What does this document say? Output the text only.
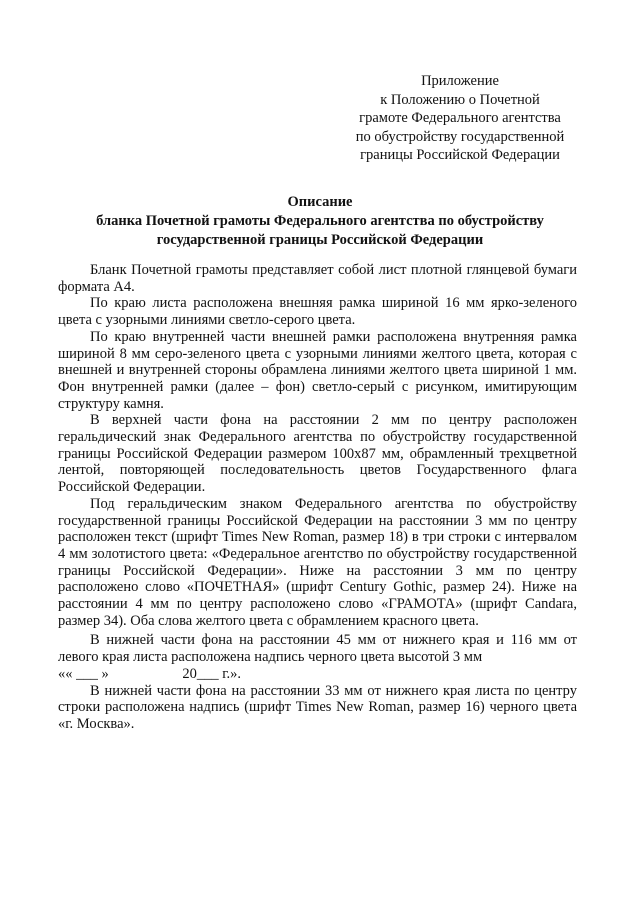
Приложение
к Положению о Почетной
грамоте Федерального агентства
по обустройству государственной
границы Российской Федерации
Описание
бланка Почетной грамоты Федерального агентства по обустройству
государственной границы Российской Федерации

Бланк Почетной грамоты представляет собой лист плотной глянцевой бумаги формата А4.

По краю листа расположена внешняя рамка шириной 16 мм ярко-зеленого цвета с узорными линиями светло-серого цвета.

По краю внутренней части внешней рамки расположена внутренняя рамка шириной 8 мм серо-зеленого цвета с узорными линиями желтого цвета, которая с внешней и внутренней стороны обрамлена линиями желтого цвета шириной 1 мм. Фон внутренней рамки (далее – фон) светло-серый с рисунком, имитирующим структуру камня.

В верхней части фона на расстоянии 2 мм по центру расположен геральдический знак Федерального агентства по обустройству государственной границы Российской Федерации размером 100x87 мм, обрамленный трехцветной лентой, повторяющей последовательность цветов Государственного флага Российской Федерации.

Под геральдическим знаком Федерального агентства по обустройству государственной границы Российской Федерации на расстоянии 3 мм по центру расположен текст (шрифт Times New Roman, размер 18) в три строки с интервалом 4 мм золотистого цвета: «Федеральное агентство по обустройству государственной границы Российской Федерации». Ниже на расстоянии 3 мм по центру расположено слово «ПОЧЕТНАЯ» (шрифт Century Gothic, размер 24). Ниже на расстоянии 4 мм по центру расположено слово «ГРАМОТА» (шрифт Candara, размер 34). Оба слова желтого цвета с обрамлением красного цвета.

В нижней части фона на расстоянии 45 мм от нижнего края и 116 мм от левого края листа расположена надпись черного цвета высотой 3 мм

«« ___ »	20___ г.».

В нижней части фона на расстоянии 33 мм от нижнего края листа по центру строки расположена надпись (шрифт Times New Roman, размер 16) черного цвета «г. Москва».
